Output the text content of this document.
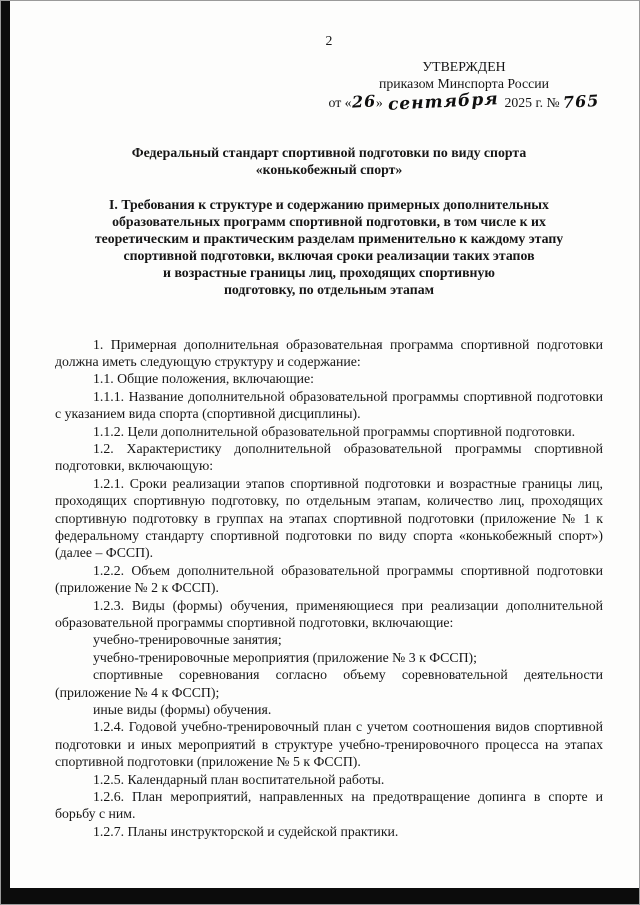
2
УТВЕРЖДЕН
приказом Минспорта России
от «26» сентября 2025 г. № 765
Федеральный стандарт спортивной подготовки по виду спорта
«конькобежный спорт»
I. Требования к структуре и содержанию примерных дополнительных
образовательных программ спортивной подготовки, в том числе к их
теоретическим и практическим разделам применительно к каждому этапу
спортивной подготовки, включая сроки реализации таких этапов
и возрастные границы лиц, проходящих спортивную
подготовку, по отдельным этапам

1. Примерная дополнительная образовательная программа спортивной подготовки должна иметь следующую структуру и содержание:

1.1. Общие положения, включающие:

1.1.1. Название дополнительной образовательной программы спортивной подготовки с указанием вида спорта (спортивной дисциплины).

1.1.2. Цели дополнительной образовательной программы спортивной подготовки.

1.2. Характеристику дополнительной образовательной программы спортивной подготовки, включающую:

1.2.1. Сроки реализации этапов спортивной подготовки и возрастные границы лиц, проходящих спортивную подготовку, по отдельным этапам, количество лиц, проходящих спортивную подготовку в группах на этапах спортивной подготовки (приложение № 1 к федеральному стандарту спортивной подготовки по виду спорта «конькобежный спорт») (далее – ФССП).

1.2.2. Объем дополнительной образовательной программы спортивной подготовки (приложение № 2 к ФССП).

1.2.3. Виды (формы) обучения, применяющиеся при реализации дополнительной образовательной программы спортивной подготовки, включающие:

учебно-тренировочные занятия;

учебно-тренировочные мероприятия (приложение № 3 к ФССП);

спортивные соревнования согласно объему соревновательной деятельности (приложение № 4 к ФССП);

иные виды (формы) обучения.

1.2.4. Годовой учебно-тренировочный план с учетом соотношения видов спортивной подготовки и иных мероприятий в структуре учебно-тренировочного процесса на этапах спортивной подготовки (приложение № 5 к ФССП).

1.2.5. Календарный план воспитательной работы.

1.2.6. План мероприятий, направленных на предотвращение допинга в спорте и борьбу с ним.

1.2.7. Планы инструкторской и судейской практики.
